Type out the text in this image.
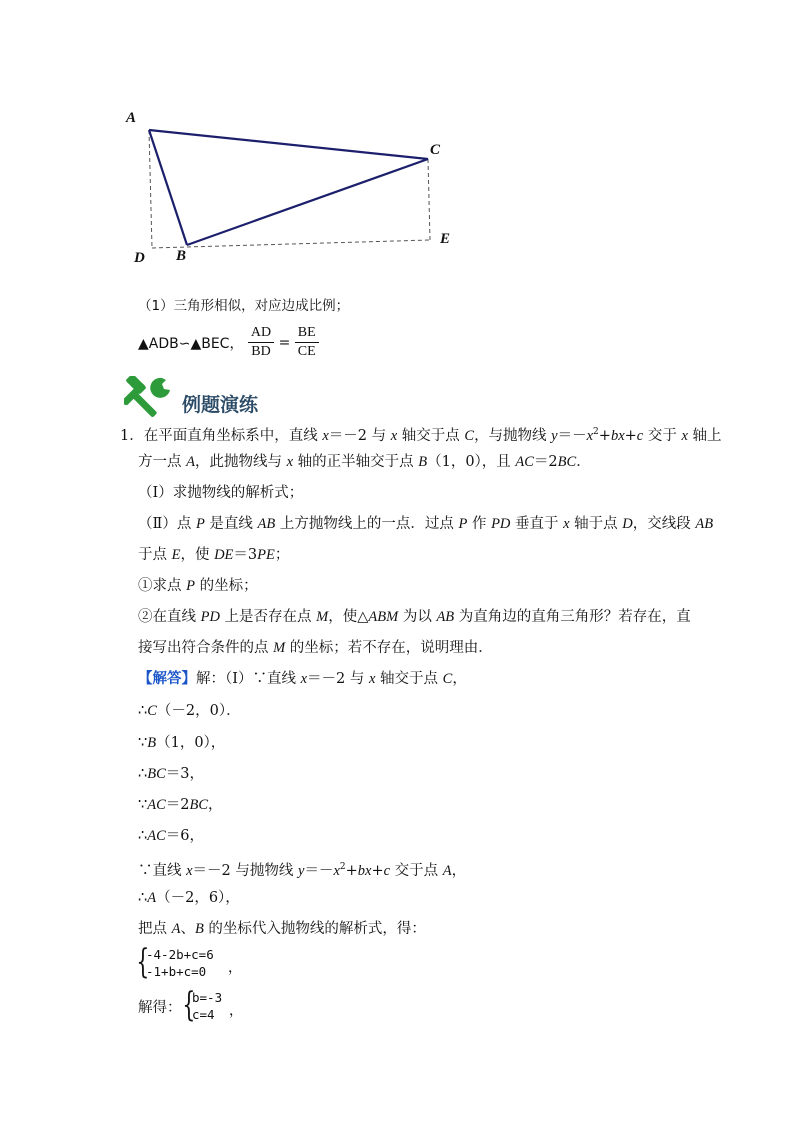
A
C
D B
E
（1）三角形相似，对应边成比例；
▲ADB∽▲BEC， $\frac{AD}{BD} = \frac{BE}{CE}$
例题演练
1．在平面直角坐标系中，直线 x＝－2 与 x 轴交于点 C，与抛物线 $y=-x^2+bx+c$ 交于 x 轴上
方一点 A，此抛物线与 x 轴的正半轴交于点 B（1，0），且 AC＝2BC．
（Ⅰ）求抛物线的解析式；
（Ⅱ）点 P 是直线 AB 上方抛物线上的一点．过点 P 作 PD 垂直于 x 轴于点 D，交线段 AB
于点 E，使 DE＝3PE；
①求点 P 的坐标；
②在直线 PD 上是否存在点 M，使△ABM 为以 AB 为直角边的直角三角形？若存在，直
接写出符合条件的点 M 的坐标；若不存在，说明理由．
【解答】解：（Ⅰ）∵直线 x＝－2 与 x 轴交于点 C，
∴C（－2，0）．
∵B（1，0），
∴BC＝3，
∵AC＝2BC，
∴AC＝6，
∵直线 x＝－2 与抛物线 $y=-x^2+bx+c$ 交于点 A，
∴A（－2，6），
把点 A、B 的坐标代入抛物线的解析式，得：
{
-4-2b+c=6
-1+b+c=0	，
解得： {
b=-3
c=4	，
